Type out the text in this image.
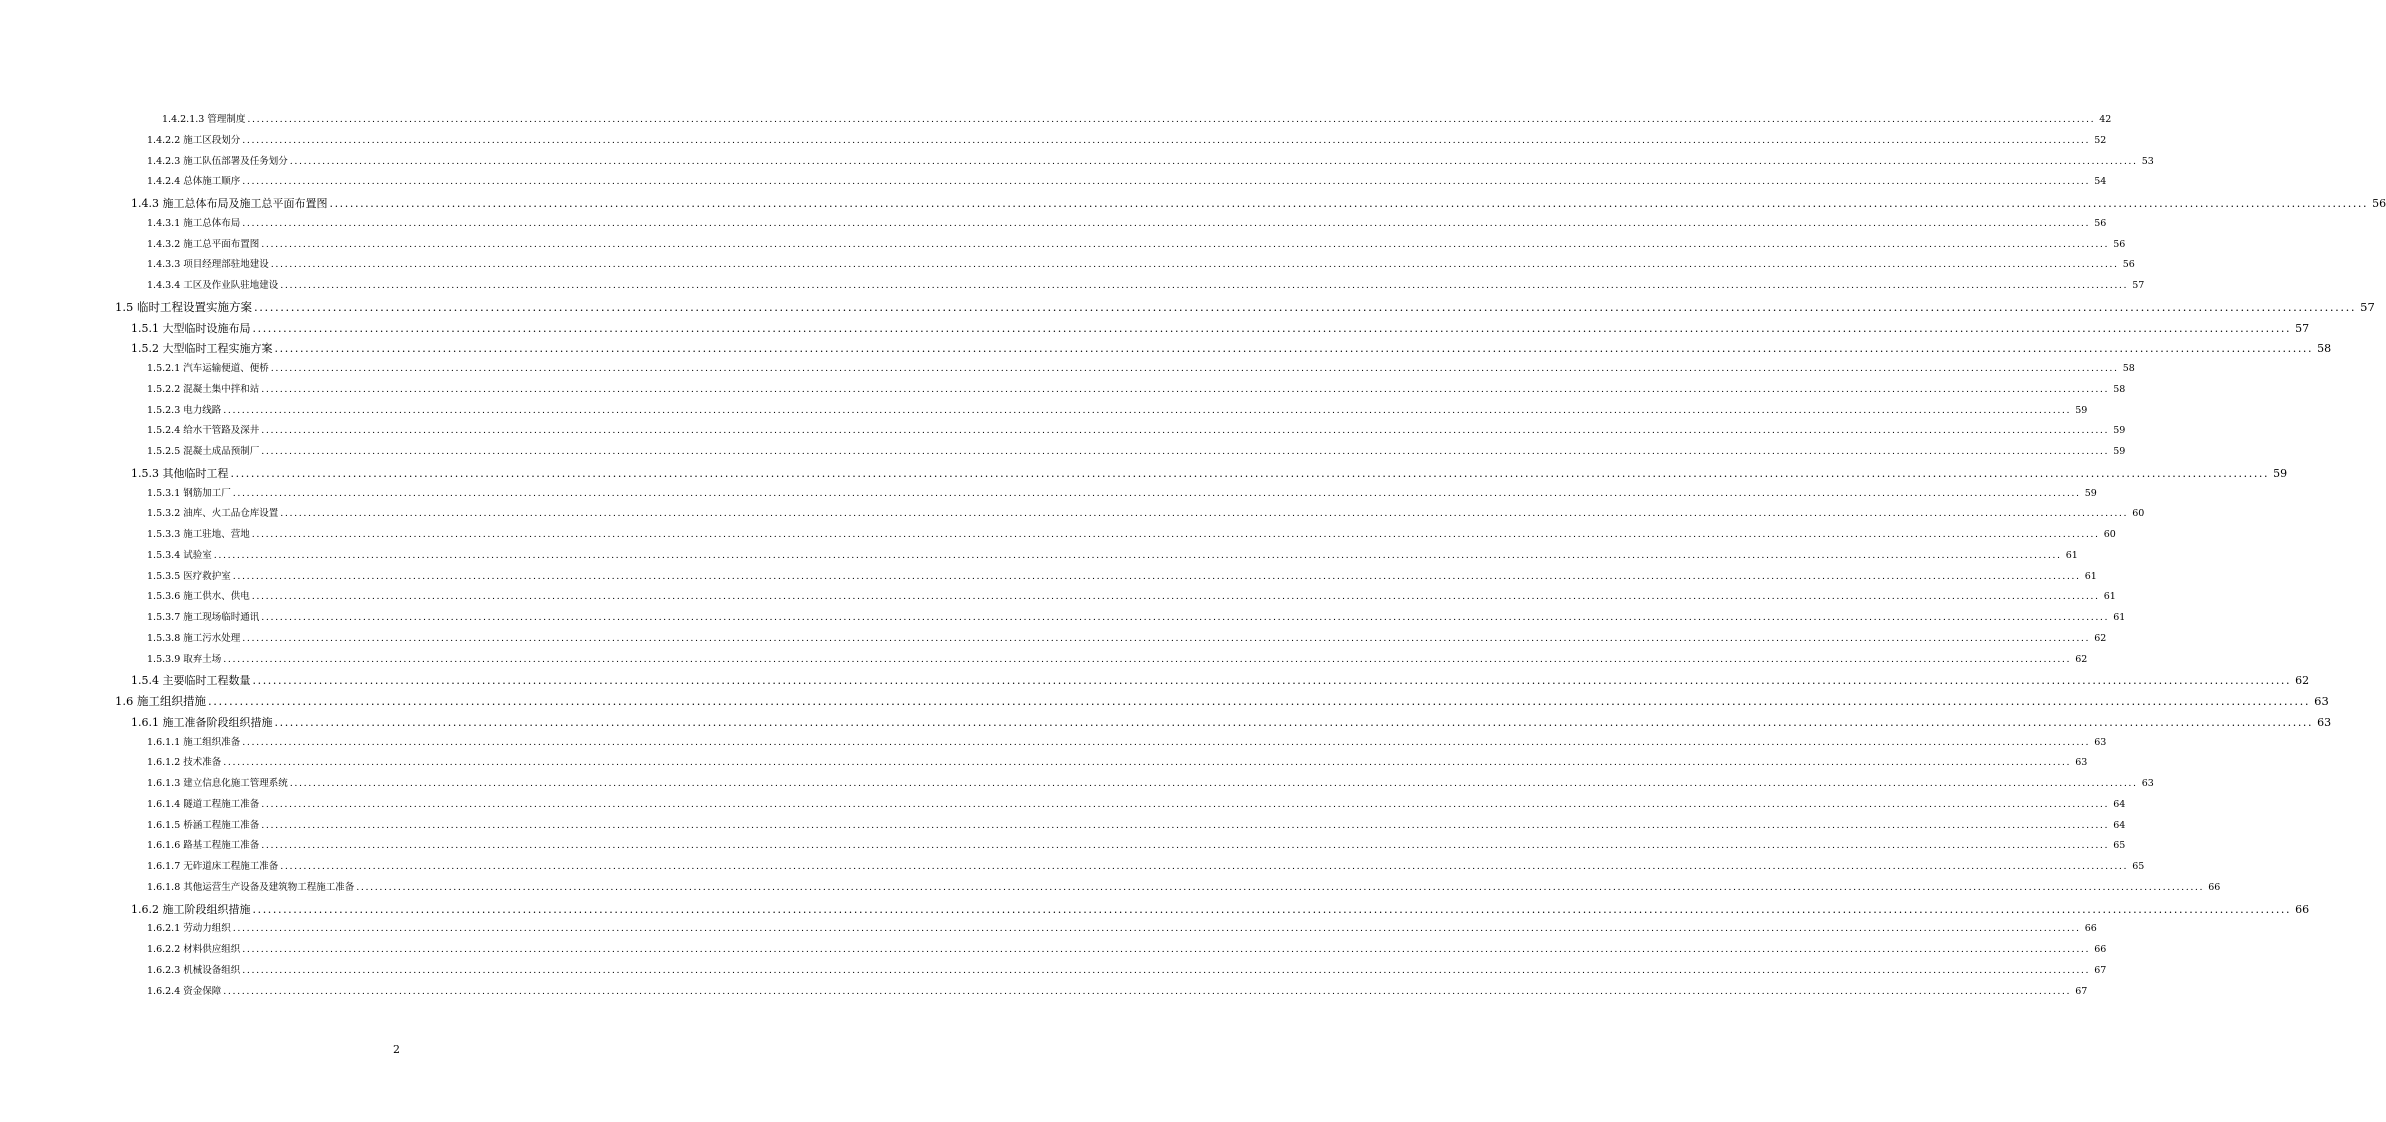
1.4.2.1.3 管理制度 ................................................................................................................................................................................................................................................................................................................................................................................................................ 42
1.4.2.2 施工区段划分 ................................................................................................................................................................................................................................................................................................................................................................................................................ 52
1.4.2.3 施工队伍部署及任务划分 ................................................................................................................................................................................................................................................................................................................................................................................................................ 53
1.4.2.4 总体施工顺序 ................................................................................................................................................................................................................................................................................................................................................................................................................ 54
1.4.3 施工总体布局及施工总平面布置图 ................................................................................................................................................................................................................................................................................................................................................................................................................ 56
1.4.3.1 施工总体布局 ................................................................................................................................................................................................................................................................................................................................................................................................................ 56
1.4.3.2 施工总平面布置图 ................................................................................................................................................................................................................................................................................................................................................................................................................ 56
1.4.3.3 项目经理部驻地建设 ................................................................................................................................................................................................................................................................................................................................................................................................................ 56
1.4.3.4 工区及作业队驻地建设 ................................................................................................................................................................................................................................................................................................................................................................................................................ 57
1.5 临时工程设置实施方案 ................................................................................................................................................................................................................................................................................................................................................................................................................ 57
1.5.1 大型临时设施布局 ................................................................................................................................................................................................................................................................................................................................................................................................................ 57
1.5.2 大型临时工程实施方案 ................................................................................................................................................................................................................................................................................................................................................................................................................ 58
1.5.2.1 汽车运输便道、便桥 ................................................................................................................................................................................................................................................................................................................................................................................................................ 58
1.5.2.2 混凝土集中拌和站 ................................................................................................................................................................................................................................................................................................................................................................................................................ 58
1.5.2.3 电力线路 ................................................................................................................................................................................................................................................................................................................................................................................................................ 59
1.5.2.4 给水干管路及深井 ................................................................................................................................................................................................................................................................................................................................................................................................................ 59
1.5.2.5 混凝土成品预制厂 ................................................................................................................................................................................................................................................................................................................................................................................................................ 59
1.5.3 其他临时工程 ................................................................................................................................................................................................................................................................................................................................................................................................................ 59
1.5.3.1 钢筋加工厂 ................................................................................................................................................................................................................................................................................................................................................................................................................ 59
1.5.3.2 油库、火工品仓库设置 ................................................................................................................................................................................................................................................................................................................................................................................................................ 60
1.5.3.3 施工驻地、营地 ................................................................................................................................................................................................................................................................................................................................................................................................................ 60
1.5.3.4 试验室 ................................................................................................................................................................................................................................................................................................................................................................................................................ 61
1.5.3.5 医疗救护室 ................................................................................................................................................................................................................................................................................................................................................................................................................ 61
1.5.3.6 施工供水、供电 ................................................................................................................................................................................................................................................................................................................................................................................................................ 61
1.5.3.7 施工现场临时通讯 ................................................................................................................................................................................................................................................................................................................................................................................................................ 61
1.5.3.8 施工污水处理 ................................................................................................................................................................................................................................................................................................................................................................................................................ 62
1.5.3.9 取弃土场 ................................................................................................................................................................................................................................................................................................................................................................................................................ 62
1.5.4 主要临时工程数量 ................................................................................................................................................................................................................................................................................................................................................................................................................ 62
1.6 施工组织措施 ................................................................................................................................................................................................................................................................................................................................................................................................................ 63
1.6.1 施工准备阶段组织措施 ................................................................................................................................................................................................................................................................................................................................................................................................................ 63
1.6.1.1 施工组织准备 ................................................................................................................................................................................................................................................................................................................................................................................................................ 63
1.6.1.2 技术准备 ................................................................................................................................................................................................................................................................................................................................................................................................................ 63
1.6.1.3 建立信息化施工管理系统 ................................................................................................................................................................................................................................................................................................................................................................................................................ 63
1.6.1.4 隧道工程施工准备 ................................................................................................................................................................................................................................................................................................................................................................................................................ 64
1.6.1.5 桥涵工程施工准备 ................................................................................................................................................................................................................................................................................................................................................................................................................ 64
1.6.1.6 路基工程施工准备 ................................................................................................................................................................................................................................................................................................................................................................................................................ 65
1.6.1.7 无砟道床工程施工准备 ................................................................................................................................................................................................................................................................................................................................................................................................................ 65
1.6.1.8 其他运营生产设备及建筑物工程施工准备 ................................................................................................................................................................................................................................................................................................................................................................................................................ 66
1.6.2 施工阶段组织措施 ................................................................................................................................................................................................................................................................................................................................................................................................................ 66
1.6.2.1 劳动力组织 ................................................................................................................................................................................................................................................................................................................................................................................................................ 66
1.6.2.2 材料供应组织 ................................................................................................................................................................................................................................................................................................................................................................................................................ 66
1.6.2.3 机械设备组织 ................................................................................................................................................................................................................................................................................................................................................................................................................ 67
1.6.2.4 资金保障 ................................................................................................................................................................................................................................................................................................................................................................................................................ 67
2
